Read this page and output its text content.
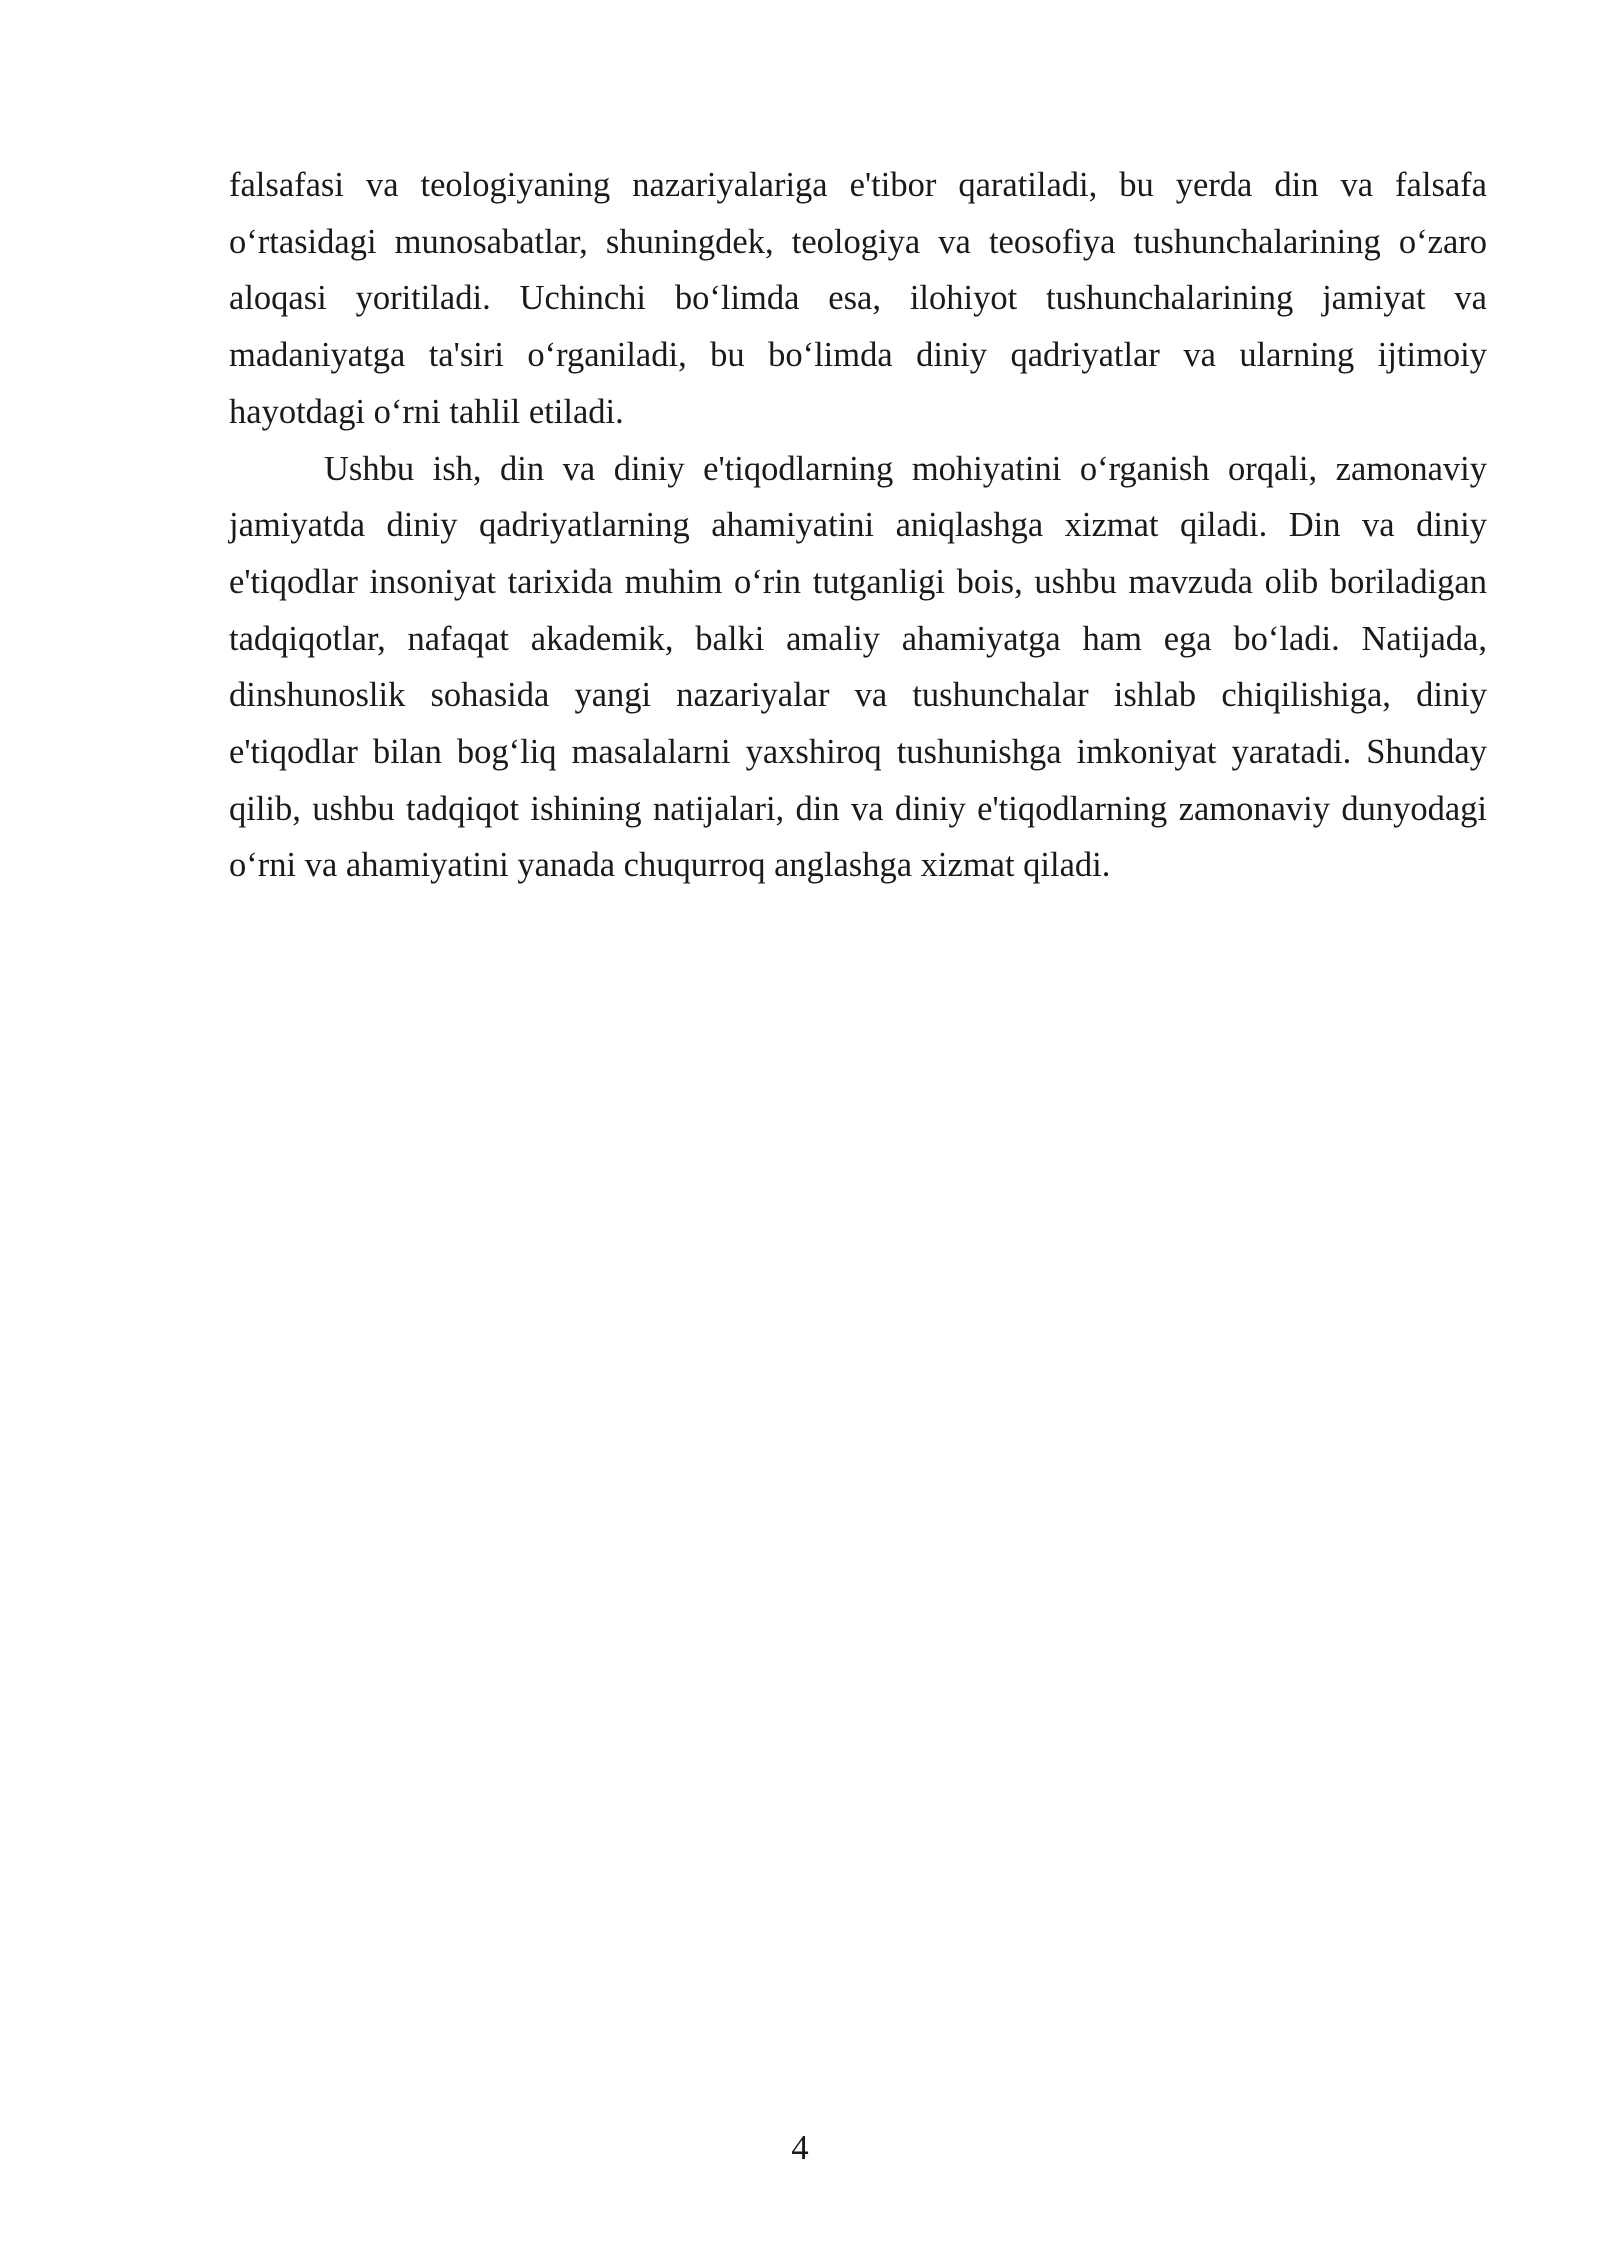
falsafasi va teologiyaning nazariyalariga e'tibor qaratiladi, bu yerda din va falsafa o‘rtasidagi munosabatlar, shuningdek, teologiya va teosofiya tushunchalarining o‘zaro aloqasi yoritiladi. Uchinchi bo‘limda esa, ilohiyot tushunchalarining jamiyat va madaniyatga ta'siri o‘rganiladi, bu bo‘limda diniy qadriyatlar va ularning ijtimoiy hayotdagi o‘rni tahlil etiladi.

Ushbu ish, din va diniy e'tiqodlarning mohiyatini o‘rganish orqali, zamonaviy jamiyatda diniy qadriyatlarning ahamiyatini aniqlashga xizmat qiladi. Din va diniy e'tiqodlar insoniyat tarixida muhim o‘rin tutganligi bois, ushbu mavzuda olib boriladigan tadqiqotlar, nafaqat akademik, balki amaliy ahamiyatga ham ega bo‘ladi. Natijada, dinshunoslik sohasida yangi nazariyalar va tushunchalar ishlab chiqilishiga, diniy e'tiqodlar bilan bog‘liq masalalarni yaxshiroq tushunishga imkoniyat yaratadi. Shunday qilib, ushbu tadqiqot ishining natijalari, din va diniy e'tiqodlarning zamonaviy dunyodagi o‘rni va ahamiyatini yanada chuqurroq anglashga xizmat qiladi.

4
